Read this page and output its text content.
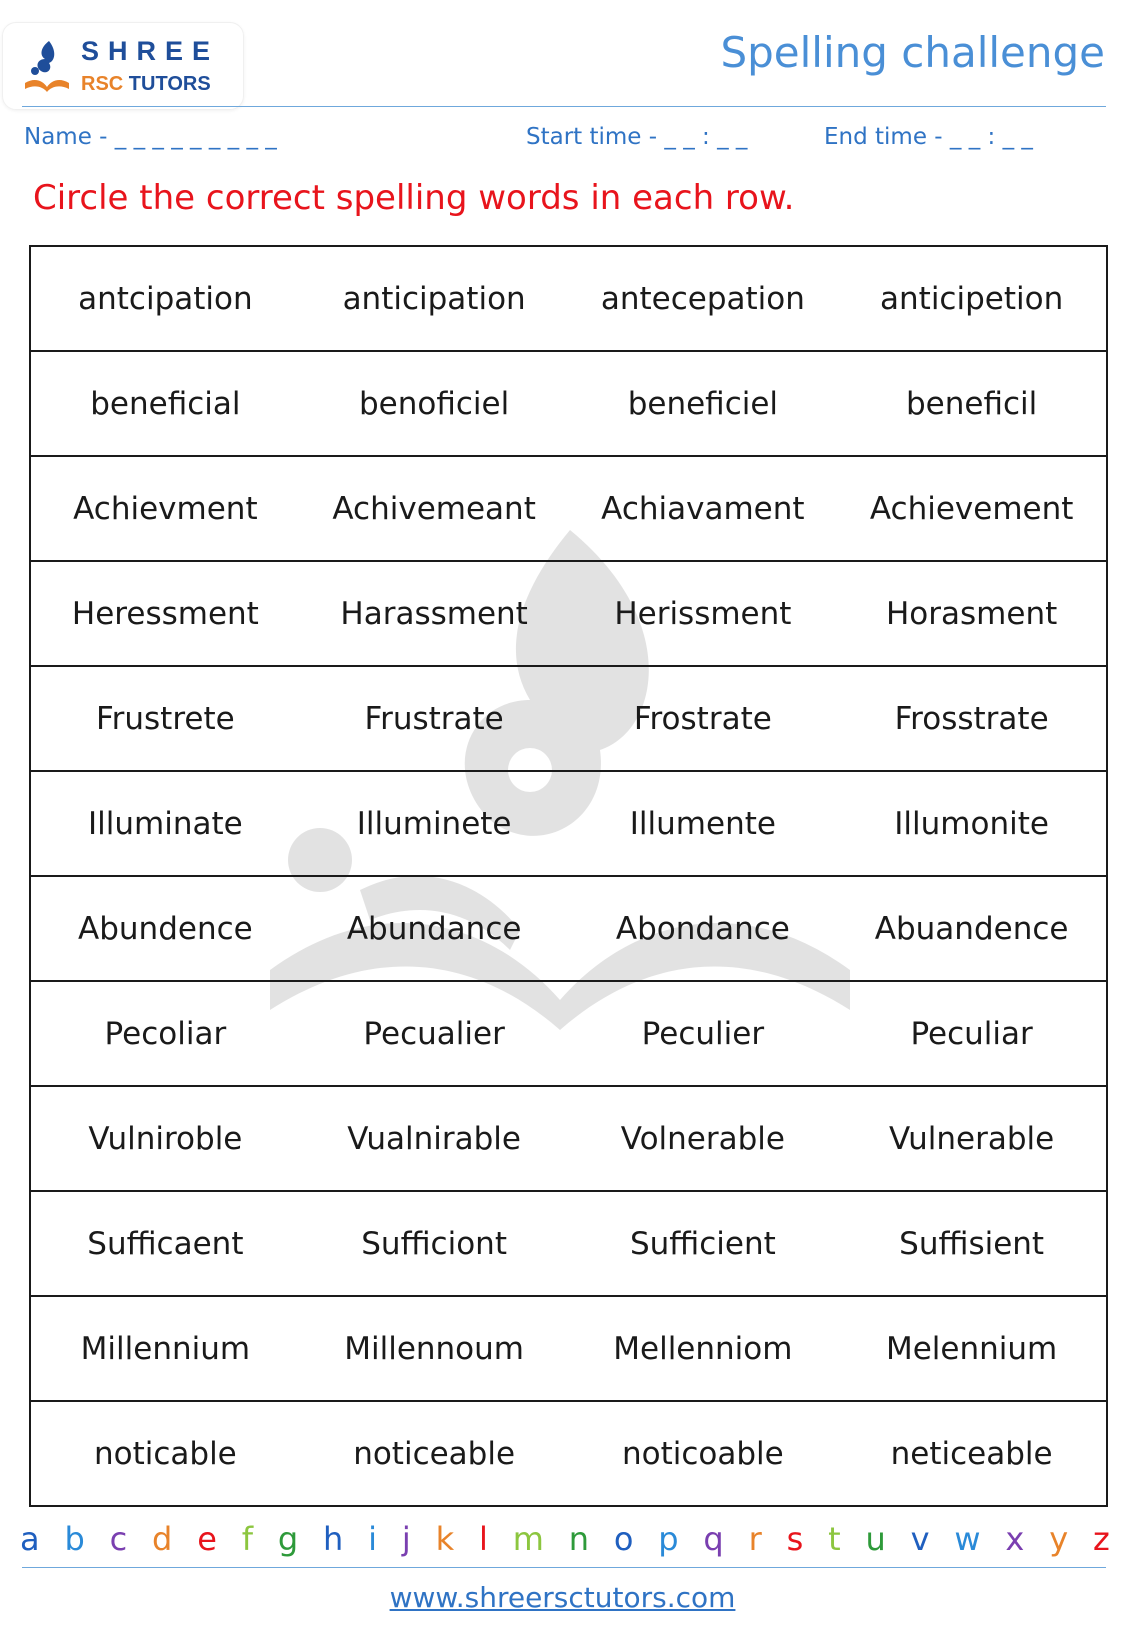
SHREE
RSC TUTORS
Spelling challenge
Name - _ _ _ _ _ _ _ _ _	Start time - _ _ : _ _	End time - _ _ : _ _
Circle the correct spelling words in each row.
antcipation	anticipation	antecepation	anticipetion
beneficial	benoficiel	beneficiel	beneficil
Achievment	Achivemeant	Achiavament	Achievement
Heressment	Harassment	Herissment	Horasment
Frustrete	Frustrate	Frostrate	Frosstrate
Illuminate	Illuminete	Illumente	Illumonite
Abundence	Abundance	Abondance	Abuandence
Pecoliar	Pecualier	Peculier	Peculiar
Vulniroble	Vualnirable	Volnerable	Vulnerable
Sufficaent	Sufficiont	Sufficient	Suffisient
Millennium	Millennoum	Mellenniom	Melennium
noticable	noticeable	noticoable	neticeable
a b c d e f g h i j k l m n o p q r s t u v w x y z
www.shreersctutors.com
